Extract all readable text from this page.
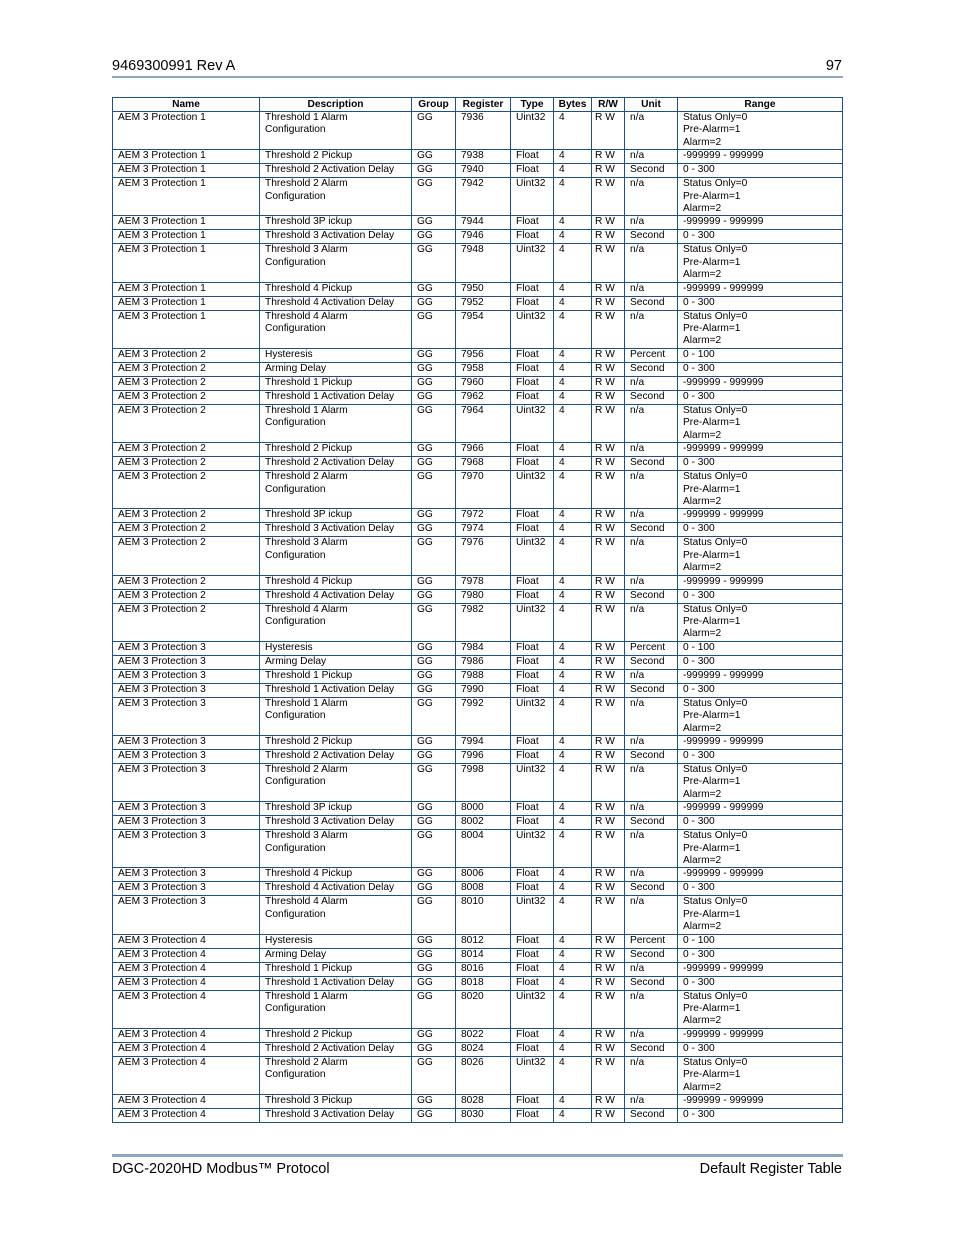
9469300991 Rev A	97
Name	Description	Group	Register	Type	Bytes	R/W	Unit	Range
AEM 3 Protection 1	Threshold 1 Alarm Configuration	GG	7936	Uint32	4	R W	n/a	Status Only=0
Pre-Alarm=1
Alarm=2
AEM 3 Protection 1	Threshold 2 Pickup	GG	7938	Float	4	R W	n/a	-999999 - 999999
AEM 3 Protection 1	Threshold 2 Activation Delay	GG	7940	Float	4	R W	Second	0 - 300
AEM 3 Protection 1	Threshold 2 Alarm Configuration	GG	7942	Uint32	4	R W	n/a	Status Only=0
Pre-Alarm=1
Alarm=2
AEM 3 Protection 1	Threshold 3P ickup	GG	7944	Float	4	R W	n/a	-999999 - 999999
AEM 3 Protection 1	Threshold 3 Activation Delay	GG	7946	Float	4	R W	Second	0 - 300
AEM 3 Protection 1	Threshold 3 Alarm Configuration	GG	7948	Uint32	4	R W	n/a	Status Only=0
Pre-Alarm=1
Alarm=2
AEM 3 Protection 1	Threshold 4 Pickup	GG	7950	Float	4	R W	n/a	-999999 - 999999
AEM 3 Protection 1	Threshold 4 Activation Delay	GG	7952	Float	4	R W	Second	0 - 300
AEM 3 Protection 1	Threshold 4 Alarm Configuration	GG	7954	Uint32	4	R W	n/a	Status Only=0
Pre-Alarm=1
Alarm=2
AEM 3 Protection 2	Hysteresis	GG	7956	Float	4	R W	Percent	0 - 100
AEM 3 Protection 2	Arming Delay	GG	7958	Float	4	R W	Second	0 - 300
AEM 3 Protection 2	Threshold 1 Pickup	GG	7960	Float	4	R W	n/a	-999999 - 999999
AEM 3 Protection 2	Threshold 1 Activation Delay	GG	7962	Float	4	R W	Second	0 - 300
AEM 3 Protection 2	Threshold 1 Alarm Configuration	GG	7964	Uint32	4	R W	n/a	Status Only=0
Pre-Alarm=1
Alarm=2
AEM 3 Protection 2	Threshold 2 Pickup	GG	7966	Float	4	R W	n/a	-999999 - 999999
AEM 3 Protection 2	Threshold 2 Activation Delay	GG	7968	Float	4	R W	Second	0 - 300
AEM 3 Protection 2	Threshold 2 Alarm Configuration	GG	7970	Uint32	4	R W	n/a	Status Only=0
Pre-Alarm=1
Alarm=2
AEM 3 Protection 2	Threshold 3P ickup	GG	7972	Float	4	R W	n/a	-999999 - 999999
AEM 3 Protection 2	Threshold 3 Activation Delay	GG	7974	Float	4	R W	Second	0 - 300
AEM 3 Protection 2	Threshold 3 Alarm Configuration	GG	7976	Uint32	4	R W	n/a	Status Only=0
Pre-Alarm=1
Alarm=2
AEM 3 Protection 2	Threshold 4 Pickup	GG	7978	Float	4	R W	n/a	-999999 - 999999
AEM 3 Protection 2	Threshold 4 Activation Delay	GG	7980	Float	4	R W	Second	0 - 300
AEM 3 Protection 2	Threshold 4 Alarm Configuration	GG	7982	Uint32	4	R W	n/a	Status Only=0
Pre-Alarm=1
Alarm=2
AEM 3 Protection 3	Hysteresis	GG	7984	Float	4	R W	Percent	0 - 100
AEM 3 Protection 3	Arming Delay	GG	7986	Float	4	R W	Second	0 - 300
AEM 3 Protection 3	Threshold 1 Pickup	GG	7988	Float	4	R W	n/a	-999999 - 999999
AEM 3 Protection 3	Threshold 1 Activation Delay	GG	7990	Float	4	R W	Second	0 - 300
AEM 3 Protection 3	Threshold 1 Alarm Configuration	GG	7992	Uint32	4	R W	n/a	Status Only=0
Pre-Alarm=1
Alarm=2
AEM 3 Protection 3	Threshold 2 Pickup	GG	7994	Float	4	R W	n/a	-999999 - 999999
AEM 3 Protection 3	Threshold 2 Activation Delay	GG	7996	Float	4	R W	Second	0 - 300
AEM 3 Protection 3	Threshold 2 Alarm Configuration	GG	7998	Uint32	4	R W	n/a	Status Only=0
Pre-Alarm=1
Alarm=2
AEM 3 Protection 3	Threshold 3P ickup	GG	8000	Float	4	R W	n/a	-999999 - 999999
AEM 3 Protection 3	Threshold 3 Activation Delay	GG	8002	Float	4	R W	Second	0 - 300
AEM 3 Protection 3	Threshold 3 Alarm Configuration	GG	8004	Uint32	4	R W	n/a	Status Only=0
Pre-Alarm=1
Alarm=2
AEM 3 Protection 3	Threshold 4 Pickup	GG	8006	Float	4	R W	n/a	-999999 - 999999
AEM 3 Protection 3	Threshold 4 Activation Delay	GG	8008	Float	4	R W	Second	0 - 300
AEM 3 Protection 3	Threshold 4 Alarm Configuration	GG	8010	Uint32	4	R W	n/a	Status Only=0
Pre-Alarm=1
Alarm=2
AEM 3 Protection 4	Hysteresis	GG	8012	Float	4	R W	Percent	0 - 100
AEM 3 Protection 4	Arming Delay	GG	8014	Float	4	R W	Second	0 - 300
AEM 3 Protection 4	Threshold 1 Pickup	GG	8016	Float	4	R W	n/a	-999999 - 999999
AEM 3 Protection 4	Threshold 1 Activation Delay	GG	8018	Float	4	R W	Second	0 - 300
AEM 3 Protection 4	Threshold 1 Alarm Configuration	GG	8020	Uint32	4	R W	n/a	Status Only=0
Pre-Alarm=1
Alarm=2
AEM 3 Protection 4	Threshold 2 Pickup	GG	8022	Float	4	R W	n/a	-999999 - 999999
AEM 3 Protection 4	Threshold 2 Activation Delay	GG	8024	Float	4	R W	Second	0 - 300
AEM 3 Protection 4	Threshold 2 Alarm Configuration	GG	8026	Uint32	4	R W	n/a	Status Only=0
Pre-Alarm=1
Alarm=2
AEM 3 Protection 4	Threshold 3 Pickup	GG	8028	Float	4	R W	n/a	-999999 - 999999
AEM 3 Protection 4	Threshold 3 Activation Delay	GG	8030	Float	4	R W	Second	0 - 300
DGC-2020HD Modbus™ Protocol	Default Register Table
